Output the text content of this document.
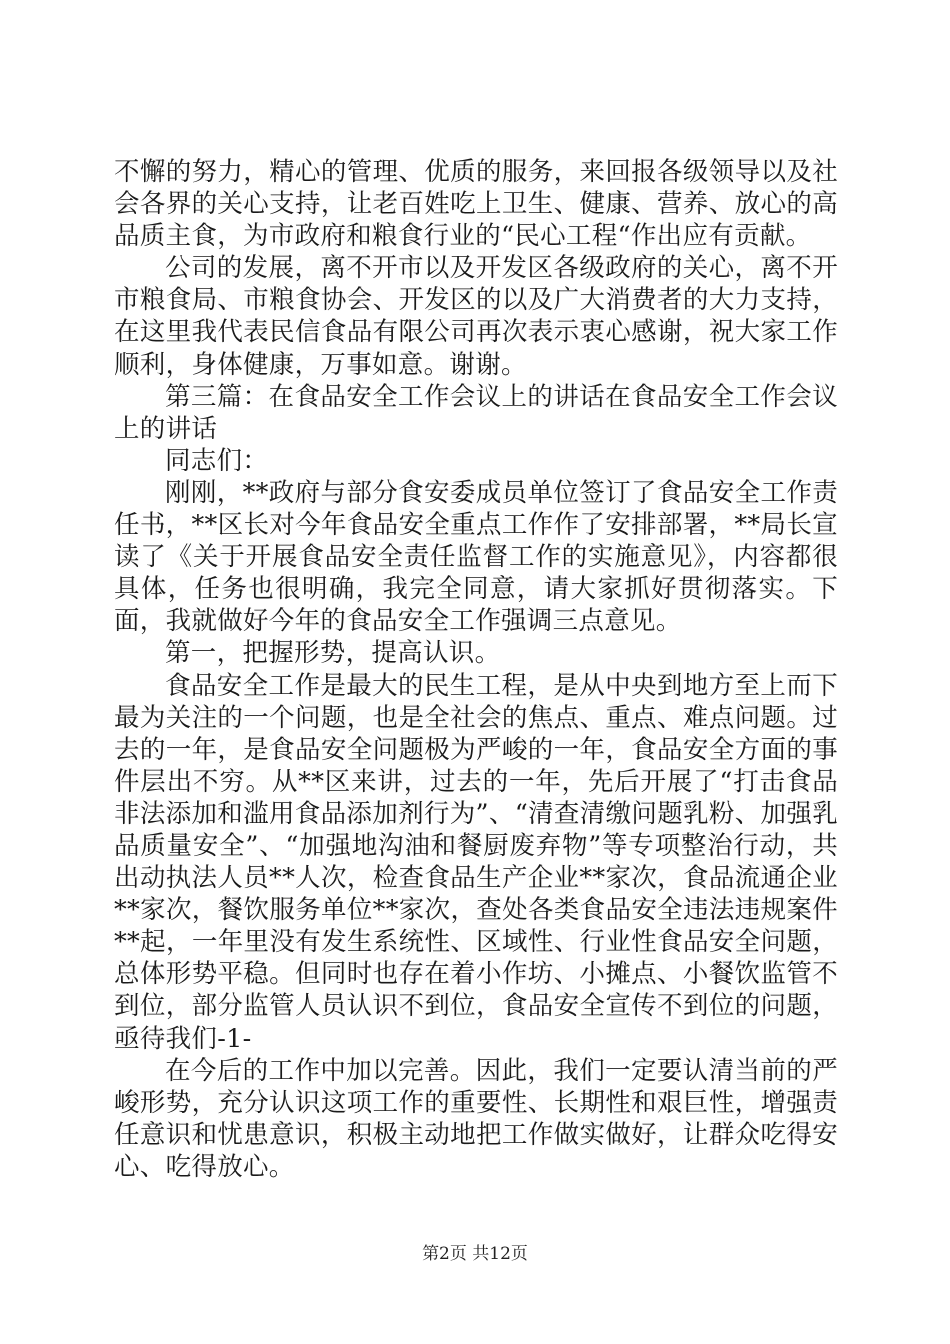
不懈的努力，精心的管理、优质的服务，来回报各级领导以及社会各界的关心支持，让老百姓吃上卫生、健康、营养、放心的高品质主食，为市政府和粮食行业的“民心工程“作出应有贡献。

公司的发展，离不开市以及开发区各级政府的关心，离不开市粮食局、市粮食协会、开发区的以及广大消费者的大力支持，在这里我代表民信食品有限公司再次表示衷心感谢，祝大家工作顺利，身体健康，万事如意。谢谢。

第三篇：在食品安全工作会议上的讲话在食品安全工作会议上的讲话

同志们：

刚刚，**政府与部分食安委成员单位签订了食品安全工作责任书，**区长对今年食品安全重点工作作了安排部署，**局长宣读了《关于开展食品安全责任监督工作的实施意见》，内容都很具体，任务也很明确，我完全同意，请大家抓好贯彻落实。下面，我就做好今年的食品安全工作强调三点意见。

第一，把握形势，提高认识。

食品安全工作是最大的民生工程，是从中央到地方至上而下最为关注的一个问题，也是全社会的焦点、重点、难点问题。过去的一年，是食品安全问题极为严峻的一年，食品安全方面的事件层出不穷。从**区来讲，过去的一年，先后开展了“打击食品非法添加和滥用食品添加剂行为”、“清查清缴问题乳粉、加强乳品质量安全”、“加强地沟油和餐厨废弃物”等专项整治行动，共出动执法人员**人次，检查食品生产企业**家次，食品流通企业**家次，餐饮服务单位**家次，查处各类食品安全违法违规案件**起，一年里没有发生系统性、区域性、行业性食品安全问题，总体形势平稳。但同时也存在着小作坊、小摊点、小餐饮监管不到位，部分监管人员认识不到位，食品安全宣传不到位的问题，亟待我们-1-

在今后的工作中加以完善。因此，我们一定要认清当前的严峻形势，充分认识这项工作的重要性、长期性和艰巨性，增强责任意识和忧患意识，积极主动地把工作做实做好，让群众吃得安心、吃得放心。

第2页 共12页
